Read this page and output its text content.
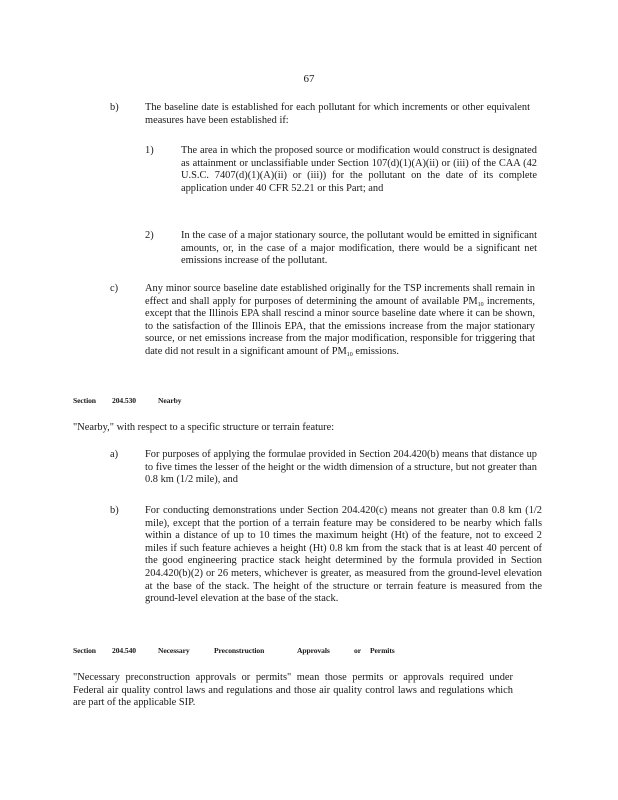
67
b)	The baseline date is established for each pollutant for which increments or other equivalent measures have been established if:
1)	The area in which the proposed source or modification would construct is designated as attainment or unclassifiable under Section 107(d)(1)(A)(ii) or (iii) of the CAA (42 U.S.C. 7407(d)(1)(A)(ii) or (iii)) for the pollutant on the date of its complete application under 40 CFR 52.21 or this Part; and
2)	In the case of a major stationary source, the pollutant would be emitted in significant amounts, or, in the case of a major modification, there would be a significant net emissions increase of the pollutant.
c)	Any minor source baseline date established originally for the TSP increments shall remain in effect and shall apply for purposes of determining the amount of available $PM_{10}$ increments, except that the Illinois EPA shall rescind a minor source baseline date where it can be shown, to the satisfaction of the Illinois EPA, that the emissions increase from the major stationary source, or net emissions increase from the major modification, responsible for triggering that date did not result in a significant amount of $PM_{10}$ emissions.
Section 204.530	Nearby
"Nearby," with respect to a specific structure or terrain feature:
a)	For purposes of applying the formulae provided in Section 204.420(b) means that distance up to five times the lesser of the height or the width dimension of a structure, but not greater than 0.8 km (1/2 mile), and
b)	For conducting demonstrations under Section 204.420(c) means not greater than 0.8 km (1/2 mile), except that the portion of a terrain feature may be considered to be nearby which falls within a distance of up to 10 times the maximum height (Ht) of the feature, not to exceed 2 miles if such feature achieves a height (Ht) 0.8 km from the stack that is at least 40 percent of the good engineering practice stack height determined by the formula provided in Section 204.420(b)(2) or 26 meters, whichever is greater, as measured from the ground-level elevation at the base of the stack. The height of the structure or terrain feature is measured from the ground-level elevation at the base of the stack.
Section 204.540	Necessary	Preconstruction	Approvals	or Permits
"Necessary preconstruction approvals or permits" mean those permits or approvals required under Federal air quality control laws and regulations and those air quality control laws and regulations which are part of the applicable SIP.
